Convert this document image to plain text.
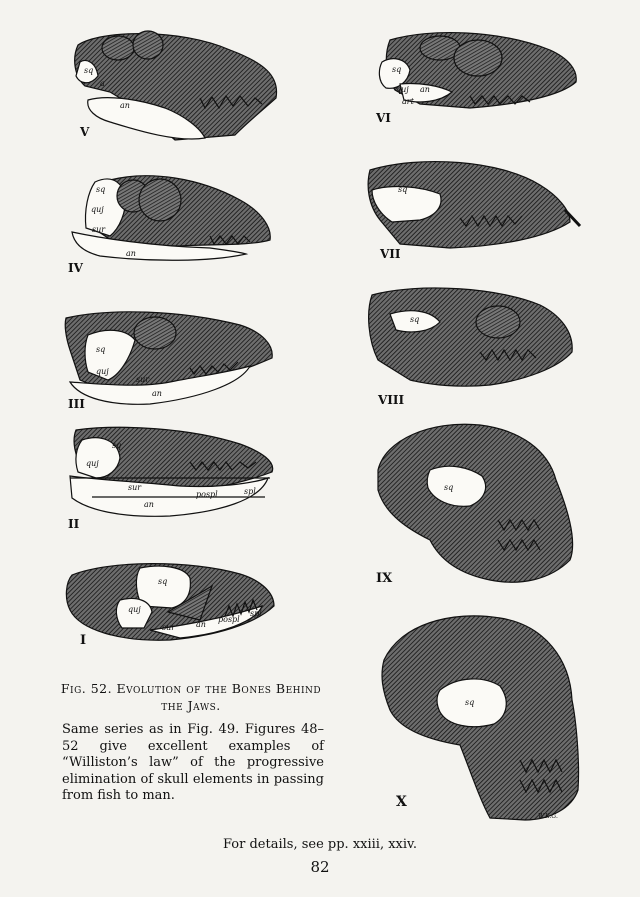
sq
a
an
sq
quj
sur
an
sq
quj
sur
an
sq
quj
sur
an
pospl	spl
sq
quj
sur	an
pospl
spl
sq
quj
art
an
sq
sq
sq
sq
V
IV
III
II
I
VI
VII
VIII
IX
X
W.K.G.

Fig. 52. Evolution of the Bones Behind the Jaws.

Same series as in Fig. 49. Figures 48–52 give excellent examples of “Williston’s law” of the progressive elimination of skull elements in passing from fish to man.

For details, see pp. xxiii, xxiv.

82
